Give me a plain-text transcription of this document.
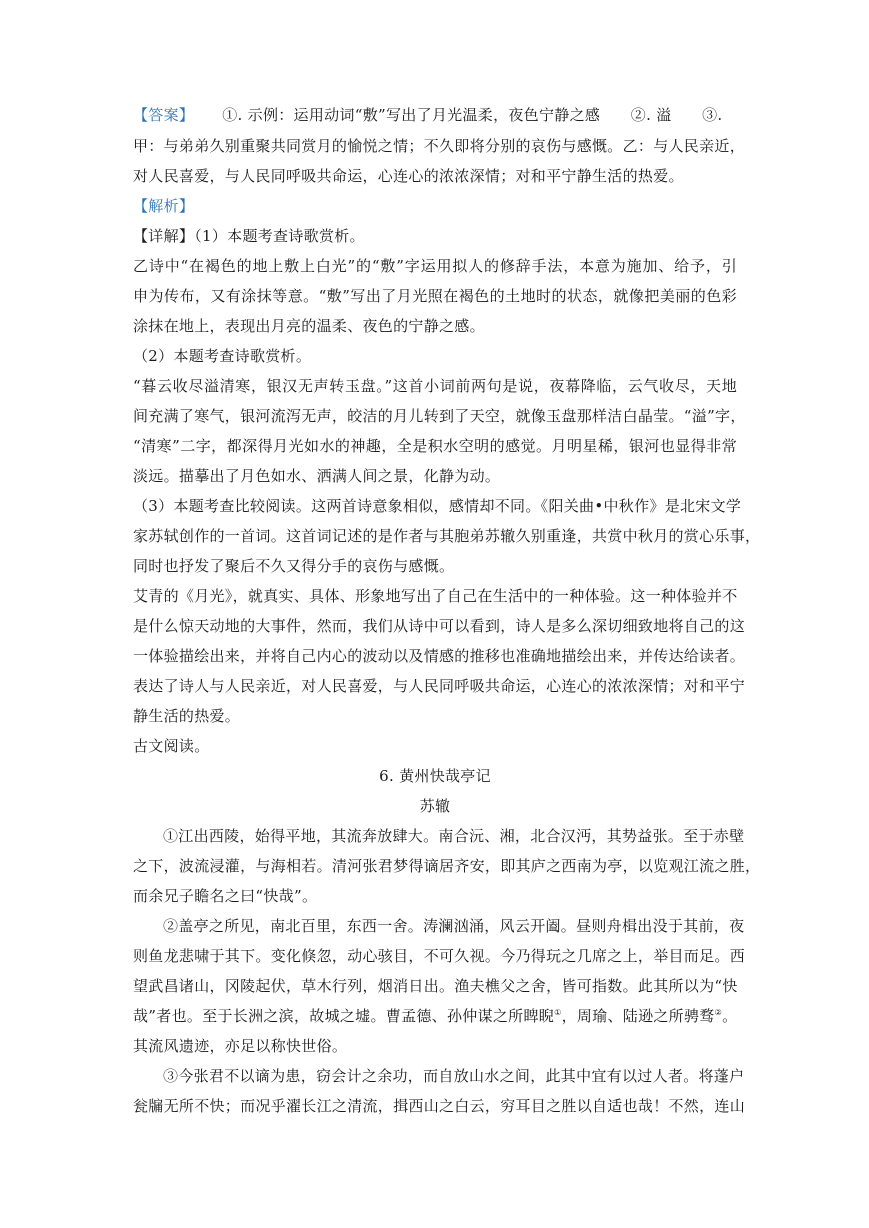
【答案】 ①. 示例：运用动词“敷”写出了月光温柔，夜色宁静之感　　②. 溢　　③.
甲：与弟弟久别重聚共同赏月的愉悦之情；不久即将分别的哀伤与感慨。乙：与人民亲近，
对人民喜爱，与人民同呼吸共命运，心连心的浓浓深情；对和平宁静生活的热爱。
【解析】
【详解】（1）本题考查诗歌赏析。
乙诗中“在褐色的地上敷上白光”的“敷”字运用拟人的修辞手法，本意为施加、给予，引
申为传布，又有涂抹等意。“敷”写出了月光照在褐色的土地时的状态，就像把美丽的色彩
涂抹在地上，表现出月亮的温柔、夜色的宁静之感。
（2）本题考查诗歌赏析。
“暮云收尽溢清寒，银汉无声转玉盘。”这首小词前两句是说，夜幕降临，云气收尽，天地
间充满了寒气，银河流泻无声，皎洁的月儿转到了天空，就像玉盘那样洁白晶莹。“溢”字，
“清寒”二字，都深得月光如水的神趣，全是积水空明的感觉。月明星稀，银河也显得非常
淡远。描摹出了月色如水、洒满人间之景，化静为动。
（3）本题考查比较阅读。这两首诗意象相似，感情却不同。《阳关曲•中秋作》是北宋文学
家苏轼创作的一首词。这首词记述的是作者与其胞弟苏辙久别重逢，共赏中秋月的赏心乐事，
同时也抒发了聚后不久又得分手的哀伤与感慨。
艾青的《月光》，就真实、具体、形象地写出了自己在生活中的一种体验。这一种体验并不
是什么惊天动地的大事件，然而，我们从诗中可以看到，诗人是多么深切细致地将自己的这
一体验描绘出来，并将自己内心的波动以及情感的推移也准确地描绘出来，并传达给读者。
表达了诗人与人民亲近，对人民喜爱，与人民同呼吸共命运，心连心的浓浓深情；对和平宁
静生活的热爱。
古文阅读。
6. 黄州快哉亭记
苏辙
①江出西陵，始得平地，其流奔放肆大。南合沅、湘，北合汉沔，其势益张。至于赤壁
之下，波流浸灌，与海相若。清河张君梦得谪居齐安，即其庐之西南为亭，以览观江流之胜，
而余兄子瞻名之曰“快哉”。
②盖亭之所见，南北百里，东西一舍。涛澜汹涌，风云开阖。昼则舟楫出没于其前，夜
则鱼龙悲啸于其下。变化倏忽，动心骇目，不可久视。今乃得玩之几席之上，举目而足。西
望武昌诸山，冈陵起伏，草木行列，烟消日出。渔夫樵父之舍，皆可指数。此其所以为“快
哉”者也。至于长洲之滨，故城之墟。曹孟德、孙仲谋之所睥睨①，周瑜、陆逊之所骋骛②。
其流风遗迹，亦足以称快世俗。
③今张君不以谪为患，窃会计之余功，而自放山水之间，此其中宜有以过人者。将蓬户
瓮牖无所不快；而况乎濯长江之清流，揖西山之白云，穷耳目之胜以自适也哉！不然，连山
